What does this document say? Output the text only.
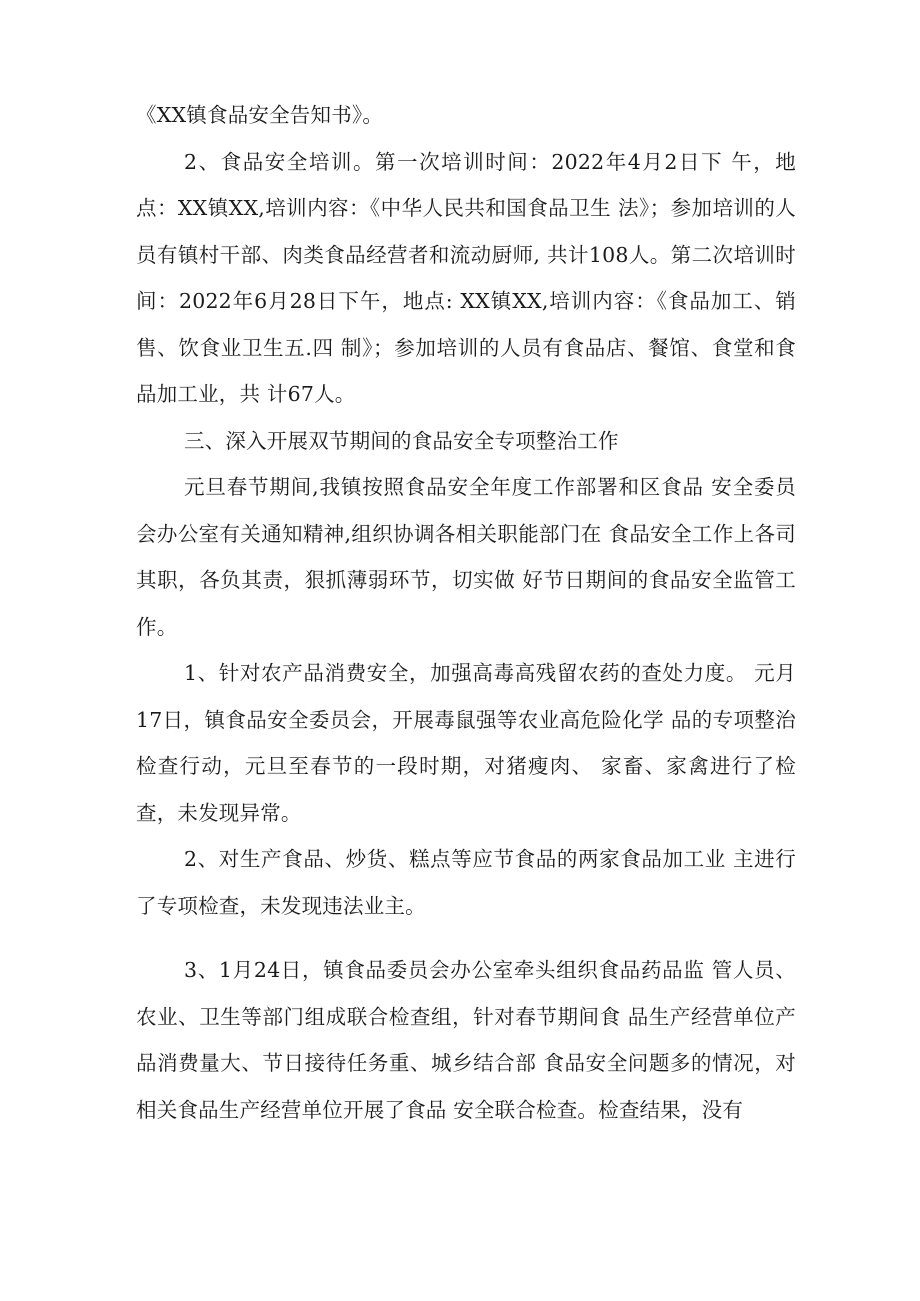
《XX镇食品安全告知书》。

2、食品安全培训。第一次培训时间：2022年4月2日下 午，地点：XX镇XX,培训内容：《中华人民共和国食品卫生 法》；参加培训的人员有镇村干部、肉类食品经营者和流动厨师, 共计108人。第二次培训时间：2022年6月28日下午，地点: XX镇XX,培训内容：《食品加工、销售、饮食业卫生五.四 制》；参加培训的人员有食品店、餐馆、食堂和食品加工业，共 计67人。

三、深入开展双节期间的食品安全专项整治工作

元旦春节期间,我镇按照食品安全年度工作部署和区食品 安全委员会办公室有关通知精神,组织协调各相关职能部门在 食品安全工作上各司其职，各负其责，狠抓薄弱环节，切实做 好节日期间的食品安全监管工作。

1、针对农产品消费安全，加强高毒高残留农药的查处力度。 元月17日，镇食品安全委员会，开展毒鼠强等农业高危险化学 品的专项整治检查行动，元旦至春节的一段时期，对猪瘦肉、 家畜、家禽进行了检查，未发现异常。

2、对生产食品、炒货、糕点等应节食品的两家食品加工业 主进行了专项检查，未发现违法业主。

3、1月24日，镇食品委员会办公室牵头组织食品药品监 管人员、农业、卫生等部门组成联合检查组，针对春节期间食 品生产经营单位产品消费量大、节日接待任务重、城乡结合部 食品安全问题多的情况，对相关食品生产经营单位开展了食品 安全联合检查。检查结果，没有
